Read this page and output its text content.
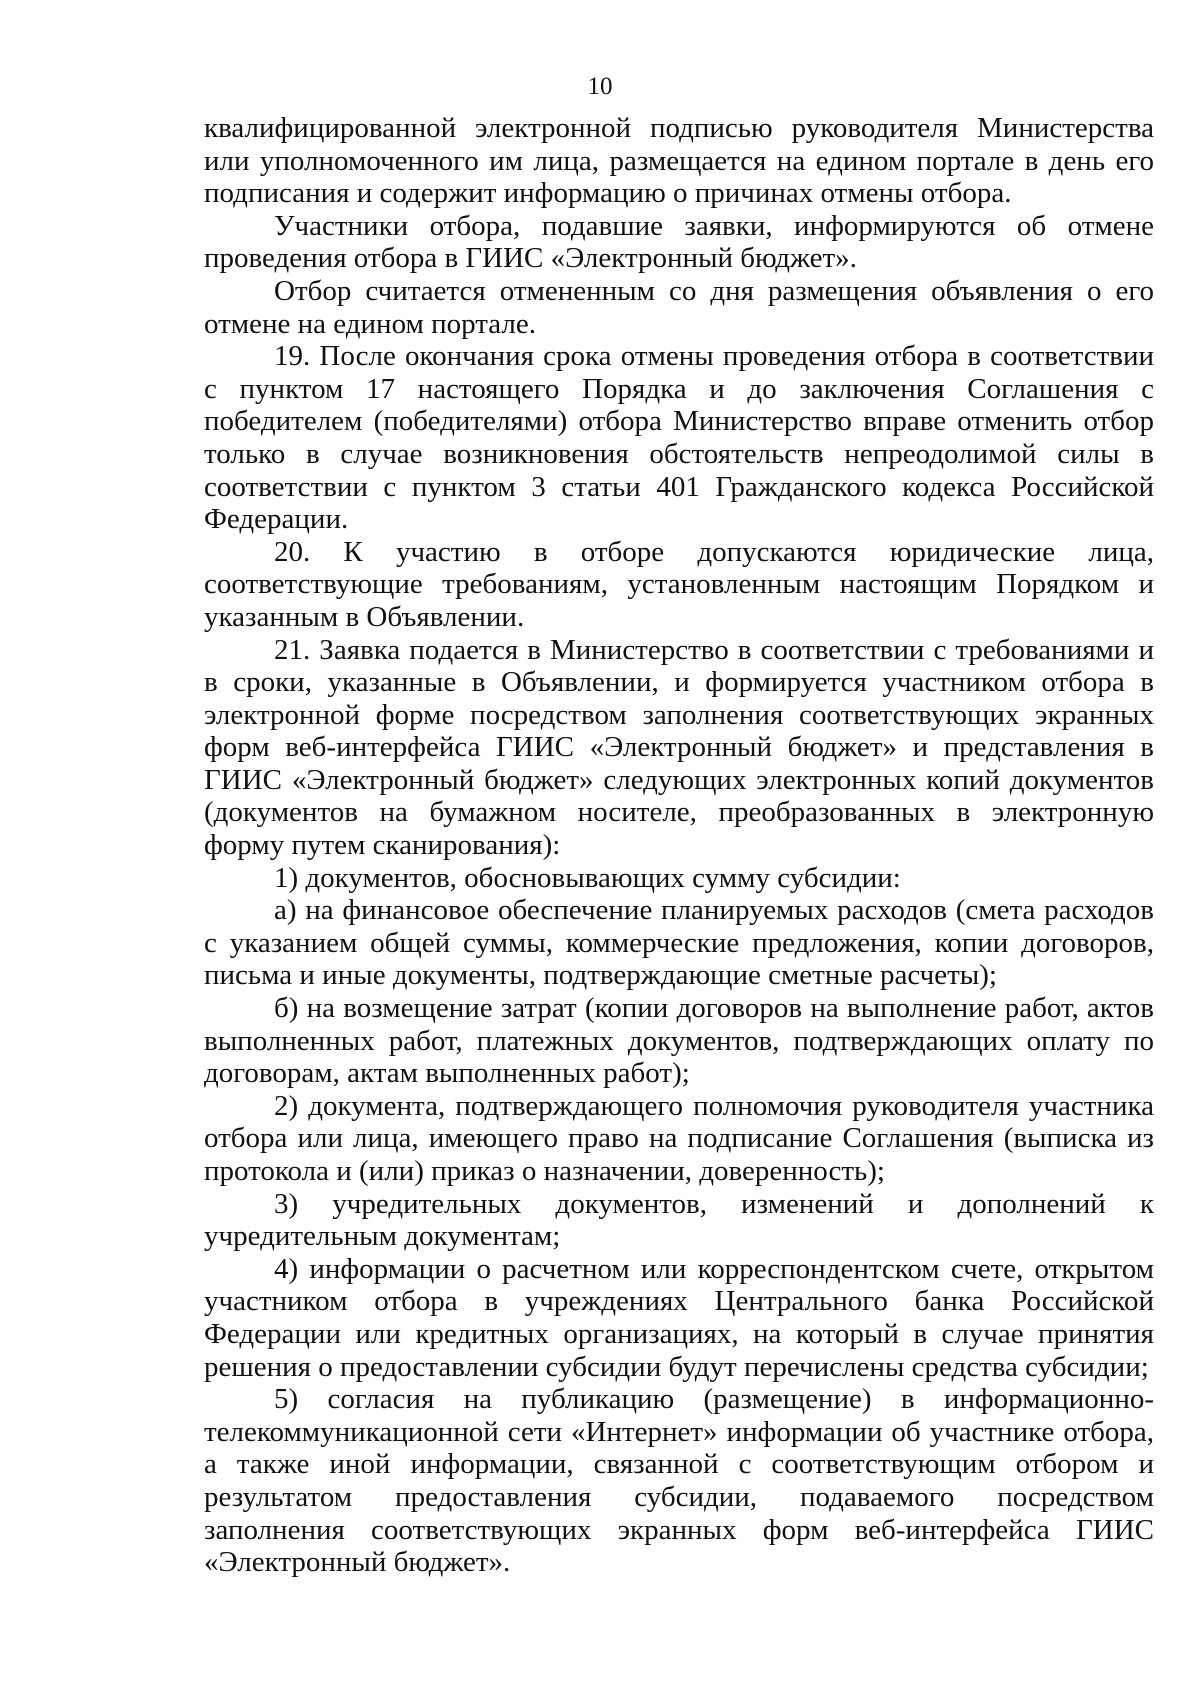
10

квалифицированной электронной подписью руководителя Министерства или уполномоченного им лица, размещается на едином портале в день его подписания и содержит информацию о причинах отмены отбора.

Участники отбора, подавшие заявки, информируются об отмене проведения отбора в ГИИС «Электронный бюджет».

Отбор считается отмененным со дня размещения объявления о его отмене на едином портале.

19. После окончания срока отмены проведения отбора в соответствии с пунктом 17 настоящего Порядка и до заключения Соглашения с победителем (победителями) отбора Министерство вправе отменить отбор только в случае возникновения обстоятельств непреодолимой силы в соответствии с пунктом 3 статьи 401 Гражданского кодекса Российской Федерации.

20. К участию в отборе допускаются юридические лица, соответствующие требованиям, установленным настоящим Порядком и указанным в Объявлении.

21. Заявка подается в Министерство в соответствии с требованиями и в сроки, указанные в Объявлении, и формируется участником отбора в электронной форме посредством заполнения соответствующих экранных форм веб-интерфейса ГИИС «Электронный бюджет» и представления в ГИИС «Электронный бюджет» следующих электронных копий документов (документов на бумажном носителе, преобразованных в электронную форму путем сканирования):

1) документов, обосновывающих сумму субсидии:

а) на финансовое обеспечение планируемых расходов (смета расходов с указанием общей суммы, коммерческие предложения, копии договоров, письма и иные документы, подтверждающие сметные расчеты);

б) на возмещение затрат (копии договоров на выполнение работ, актов выполненных работ, платежных документов, подтверждающих оплату по договорам, актам выполненных работ);

2) документа, подтверждающего полномочия руководителя участника отбора или лица, имеющего право на подписание Соглашения (выписка из протокола и (или) приказ о назначении, доверенность);

3) учредительных документов, изменений и дополнений к учредительным документам;

4) информации о расчетном или корреспондентском счете, открытом участником отбора в учреждениях Центрального банка Российской Федерации или кредитных организациях, на который в случае принятия решения о предоставлении субсидии будут перечислены средства субсидии;

5) согласия на публикацию (размещение) в информационно-телекоммуникационной сети «Интернет» информации об участнике отбора, а также иной информации, связанной с соответствующим отбором и результатом предоставления субсидии, подаваемого посредством заполнения соответствующих экранных форм веб-интерфейса ГИИС «Электронный бюджет».
